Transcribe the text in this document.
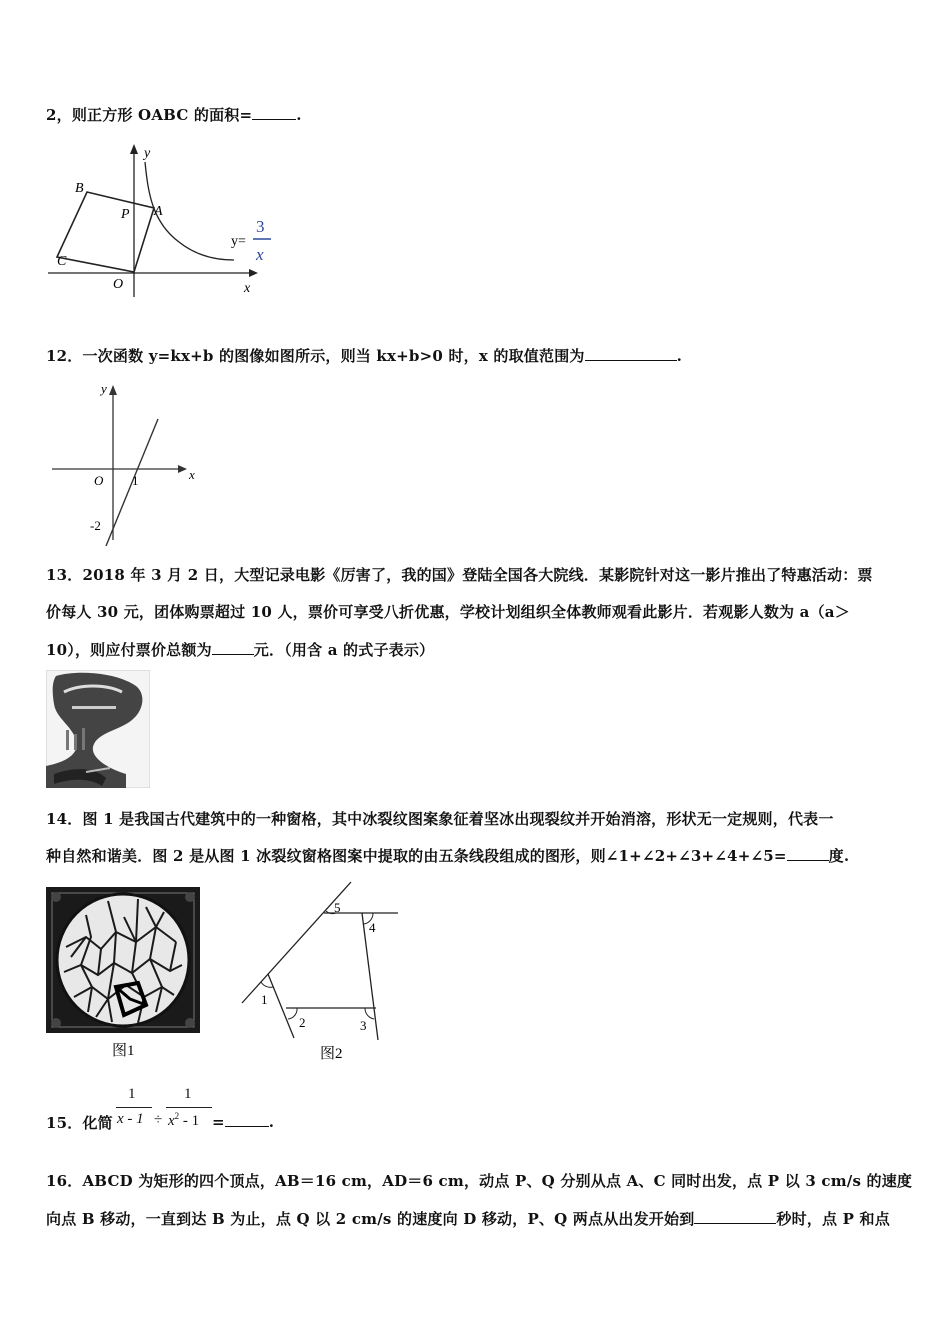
2，则正方形 OABC 的面积=	.
y
x
B
P A
C
O
y=
3
x
12．一次函数 y=kx+b 的图像如图所示，则当 kx+b>0 时，x 的取值范围为	.
y
x
O 1
-2
13．2018 年 3 月 2 日，大型记录电影《厉害了，我的国》登陆全国各大院线．某影院针对这一影片推出了特惠活动：票
价每人 30 元，团体购票超过 10 人，票价可享受八折优惠，学校计划组织全体教师观看此影片．若观影人数为 a（a＞
10），则应付票价总额为	元．（用含 a 的式子表示）
14．图 1 是我国古代建筑中的一种窗格，其中冰裂纹图案象征着坚冰出现裂纹并开始消溶，形状无一定规则，代表一
种自然和谐美．图 2 是从图 1 冰裂纹窗格图案中提取的由五条线段组成的图形，则∠1+∠2+∠3+∠4+∠5=	度.
图1
1
2	3
4
5
图2
15．化简
1
x - 1 ÷
1
$x^2 - 1$ =	.
16．ABCD 为矩形的四个顶点，AB＝16 cm，AD＝6 cm，动点 P、Q 分别从点 A、C 同时出发，点 P 以 3 cm/s 的速度
向点 B 移动，一直到达 B 为止，点 Q 以 2 cm/s 的速度向 D 移动，P、Q 两点从出发开始到	秒时，点 P 和点
